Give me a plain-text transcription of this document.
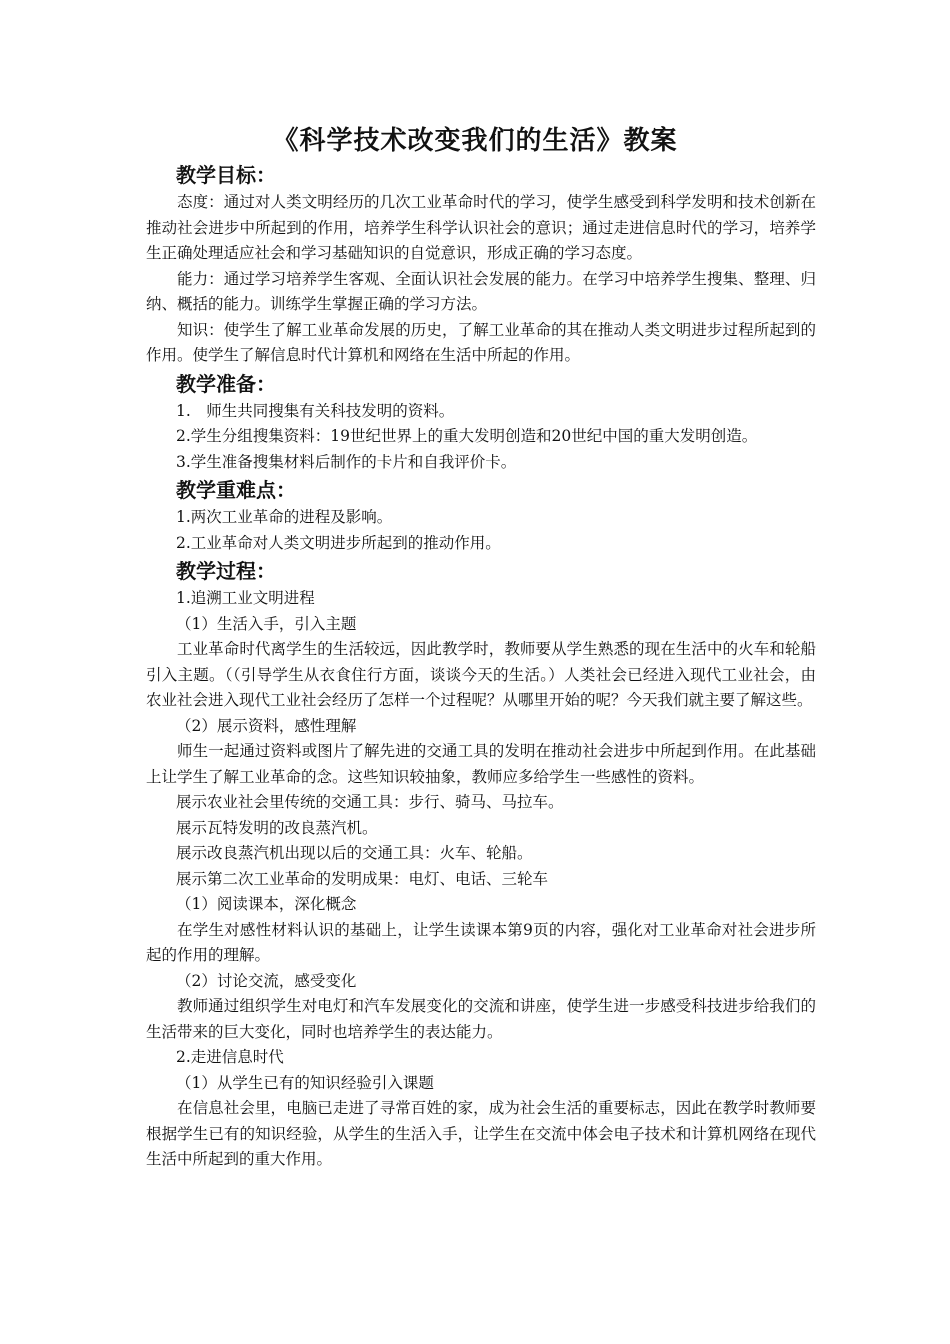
《科学技术改变我们的生活》教案
教学目标：
态度：通过对人类文明经历的几次工业革命时代的学习，使学生感受到科学发明和技术创新在推动社会进步中所起到的作用，培养学生科学认识社会的意识；通过走进信息时代的学习，培养学生正确处理适应社会和学习基础知识的自觉意识，形成正确的学习态度。
能力：通过学习培养学生客观、全面认识社会发展的能力。在学习中培养学生搜集、整理、归纳、概括的能力。训练学生掌握正确的学习方法。
知识：使学生了解工业革命发展的历史，了解工业革命的其在推动人类文明进步过程所起到的作用。使学生了解信息时代计算机和网络在生活中所起的作用。
教学准备：
1.　师生共同搜集有关科技发明的资料。
2.学生分组搜集资料：19世纪世界上的重大发明创造和20世纪中国的重大发明创造。
3.学生准备搜集材料后制作的卡片和自我评价卡。
教学重难点：
1.两次工业革命的进程及影响。
2.工业革命对人类文明进步所起到的推动作用。
教学过程：
1.追溯工业文明进程
（1）生活入手，引入主题
工业革命时代离学生的生活较远，因此教学时，教师要从学生熟悉的现在生活中的火车和轮船引入主题。（（引导学生从衣食住行方面，谈谈今天的生活。）人类社会已经进入现代工业社会，由农业社会进入现代工业社会经历了怎样一个过程呢？从哪里开始的呢？今天我们就主要了解这些。
（2）展示资料，感性理解
师生一起通过资料或图片了解先进的交通工具的发明在推动社会进步中所起到作用。在此基础上让学生了解工业革命的念。这些知识较抽象，教师应多给学生一些感性的资料。
展示农业社会里传统的交通工具：步行、骑马、马拉车。
展示瓦特发明的改良蒸汽机。
展示改良蒸汽机出现以后的交通工具：火车、轮船。
展示第二次工业革命的发明成果：电灯、电话、三轮车
（1）阅读课本，深化概念
在学生对感性材料认识的基础上，让学生读课本第9页的内容，强化对工业革命对社会进步所起的作用的理解。
（2）讨论交流，感受变化
教师通过组织学生对电灯和汽车发展变化的交流和讲座，使学生进一步感受科技进步给我们的生活带来的巨大变化，同时也培养学生的表达能力。
2.走进信息时代
（1）从学生已有的知识经验引入课题
在信息社会里，电脑已走进了寻常百姓的家，成为社会生活的重要标志，因此在教学时教师要根据学生已有的知识经验，从学生的生活入手，让学生在交流中体会电子技术和计算机网络在现代生活中所起到的重大作用。
